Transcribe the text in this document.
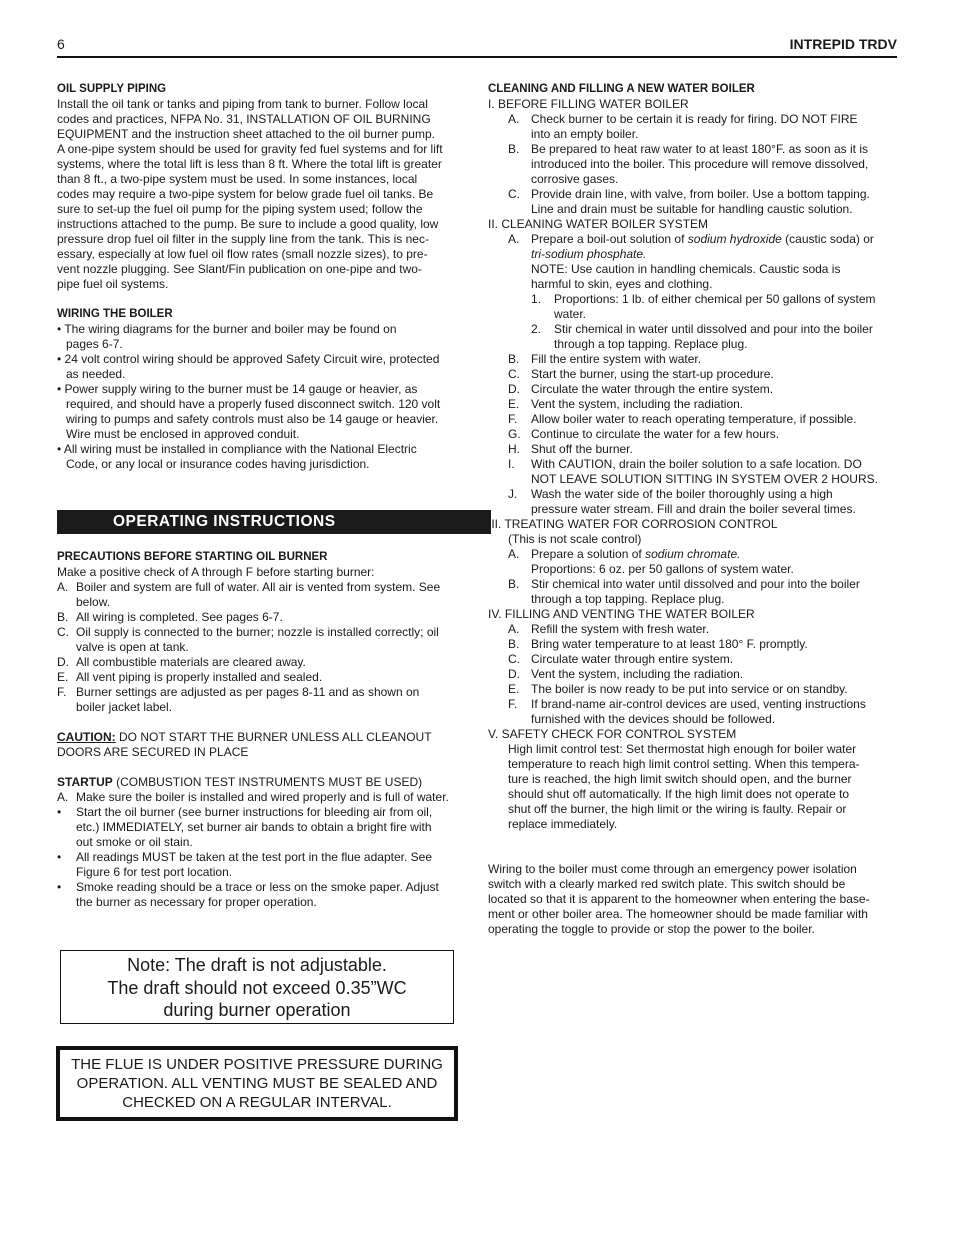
6	INTREPID TRDV
OIL SUPPLY PIPING
Install the oil tank or tanks and piping from tank to burner. Follow local
codes and practices, NFPA No. 31, INSTALLATION OF OIL BURNING
EQUIPMENT and the instruction sheet attached to the oil burner pump.
A one-pipe system should be used for gravity fed fuel systems and for lift
systems, where the total lift is less than 8 ft. Where the total lift is greater
than 8 ft., a two-pipe system must be used. In some instances, local
codes may require a two-pipe system for below grade fuel oil tanks. Be
sure to set-up the fuel oil pump for the piping system used; follow the
instructions attached to the pump. Be sure to include a good quality, low
pressure drop fuel oil filter in the supply line from the tank. This is nec-
essary, especially at low fuel oil flow rates (small nozzle sizes), to pre-
vent nozzle plugging. See Slant/Fin publication on one-pipe and two-
pipe fuel oil systems.
WIRING THE BOILER
• The wiring diagrams for the burner and boiler may be found on
pages 6-7.
• 24 volt control wiring should be approved Safety Circuit wire, protected
as needed.
• Power supply wiring to the burner must be 14 gauge or heavier, as
required, and should have a properly fused disconnect switch. 120 volt
wiring to pumps and safety controls must also be 14 gauge or heavier.
Wire must be enclosed in approved conduit.
• All wiring must be installed in compliance with the National Electric
Code, or any local or insurance codes having jurisdiction.
OPERATING INSTRUCTIONS
PRECAUTIONS BEFORE STARTING OIL BURNER
Make a positive check of A through F before starting burner:
A. Boiler and system are full of water. All air is vented from system. See below.
B. All wiring is completed. See pages 6-7.
C. Oil supply is connected to the burner; nozzle is installed correctly; oil valve is open at tank.
D. All combustible materials are cleared away.
E. All vent piping is properly installed and sealed.
F. Burner settings are adjusted as per pages 8-11 and as shown on boiler jacket label.
CAUTION: DO NOT START THE BURNER UNLESS ALL CLEANOUT
DOORS ARE SECURED IN PLACE
STARTUP (COMBUSTION TEST INSTRUMENTS MUST BE USED)
A. Make sure the boiler is installed and wired properly and is full of water.
•	Start the oil burner (see burner instructions for bleeding air from oil, etc.) IMMEDIATELY, set burner air bands to obtain a bright fire with out smoke or oil stain.
•	All readings MUST be taken at the test port in the flue adapter. See Figure 6 for test port location.
•	Smoke reading should be a trace or less on the smoke paper. Adjust the burner as necessary for proper operation.
Note: The draft is not adjustable.
The draft should not exceed 0.35”WC
during burner operation
THE FLUE IS UNDER POSITIVE PRESSURE DURING
OPERATION. ALL VENTING MUST BE SEALED AND
CHECKED ON A REGULAR INTERVAL.
CLEANING AND FILLING A NEW WATER BOILER
I. BEFORE FILLING WATER BOILER
A. Check burner to be certain it is ready for firing. DO NOT FIRE into an empty boiler.
B. Be prepared to heat raw water to at least 180°F. as soon as it is introduced into the boiler. This procedure will remove dissolved, corrosive gases.
C. Provide drain line, with valve, from boiler. Use a bottom tapping. Line and drain must be suitable for handling caustic solution.
II. CLEANING WATER BOILER SYSTEM
A. Prepare a boil-out solution of sodium hydroxide (caustic soda) or
tri-sodium phosphate.
NOTE: Use caution in handling chemicals. Caustic soda is
harmful to skin, eyes and clothing.
1.	Proportions: 1 lb. of either chemical per 50 gallons of system water.
2.	Stir chemical in water until dissolved and pour into the boiler through a top tapping. Replace plug.
B. Fill the entire system with water.
C. Start the burner, using the start-up procedure.
D. Circulate the water through the entire system.
E. Vent the system, including the radiation.
F.	Allow boiler water to reach operating temperature, if possible.
G. Continue to circulate the water for a few hours.
H. Shut off the burner.
I.	With CAUTION, drain the boiler solution to a safe location. DO NOT LEAVE SOLUTION SITTING IN SYSTEM OVER 2 HOURS.
J.	Wash the water side of the boiler thoroughly using a high pressure water stream. Fill and drain the boiler several times.
III. TREATING WATER FOR CORROSION CONTROL
(This is not scale control)
A. Prepare a solution of sodium chromate.
Proportions: 6 oz. per 50 gallons of system water.
B. Stir chemical into water until dissolved and pour into the boiler through a top tapping. Replace plug.
IV. FILLING AND VENTING THE WATER BOILER
A. Refill the system with fresh water.
B. Bring water temperature to at least 180° F. promptly.
C. Circulate water through entire system.
D. Vent the system, including the radiation.
E. The boiler is now ready to be put into service or on standby.
F.	If brand-name air-control devices are used, venting instructions furnished with the devices should be followed.
V. SAFETY CHECK FOR CONTROL SYSTEM
High limit control test: Set thermostat high enough for boiler water
temperature to reach high limit control setting. When this tempera-
ture is reached, the high limit switch should open, and the burner
should shut off automatically. If the high limit does not operate to
shut off the burner, the high limit or the wiring is faulty. Repair or
replace immediately.
Wiring to the boiler must come through an emergency power isolation
switch with a clearly marked red switch plate. This switch should be
located so that it is apparent to the homeowner when entering the base-
ment or other boiler area. The homeowner should be made familiar with
operating the toggle to provide or stop the power to the boiler.
